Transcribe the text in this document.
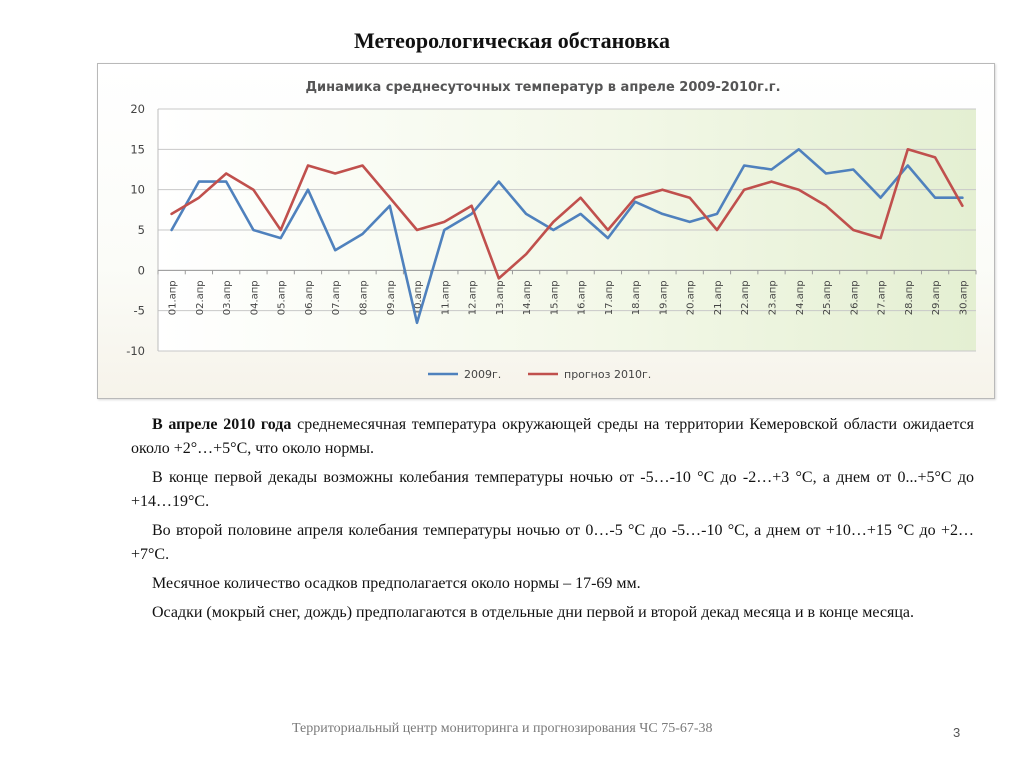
Метеорологическая обстановка
Динамика среднесуточных температур в апреле 2009-2010г.г.
-10
-5
0
5
10
15
20
01.апр 02.апр 03.апр 04.апр 05.апр 06.апр 07.апр 08.апр 09.апр 10.апр 11.апр 12.апр 13.апр 14.апр 15.апр 16.апр 17.апр 18.апр 19.апр 20.апр 21.апр 22.апр 23.апр 24.апр 25.апр 26.апр 27.апр 28.апр 29.апр 30.апр
2009г.	прогноз 2010г.

В апреле 2010 года среднемесячная температура окружающей среды на территории Кемеровской области ожидается около +2°…+5°С, что около нормы.

В конце первой декады возможны колебания температуры ночью от -5…-10 °С до -2…+3 °С, а днем от 0...+5°С до +14…19°С.

Во второй половине апреля колебания температуры ночью от 0…-5 °С до -5…-10 °С, а днем от +10…+15 °С до +2…+7°С.

Месячное количество осадков предполагается около нормы – 17-69 мм.

Осадки (мокрый снег, дождь) предполагаются в отдельные дни первой и второй декад месяца и в конце месяца.

Территориальный центр мониторинга и прогнозирования ЧС 75-67-38	3
